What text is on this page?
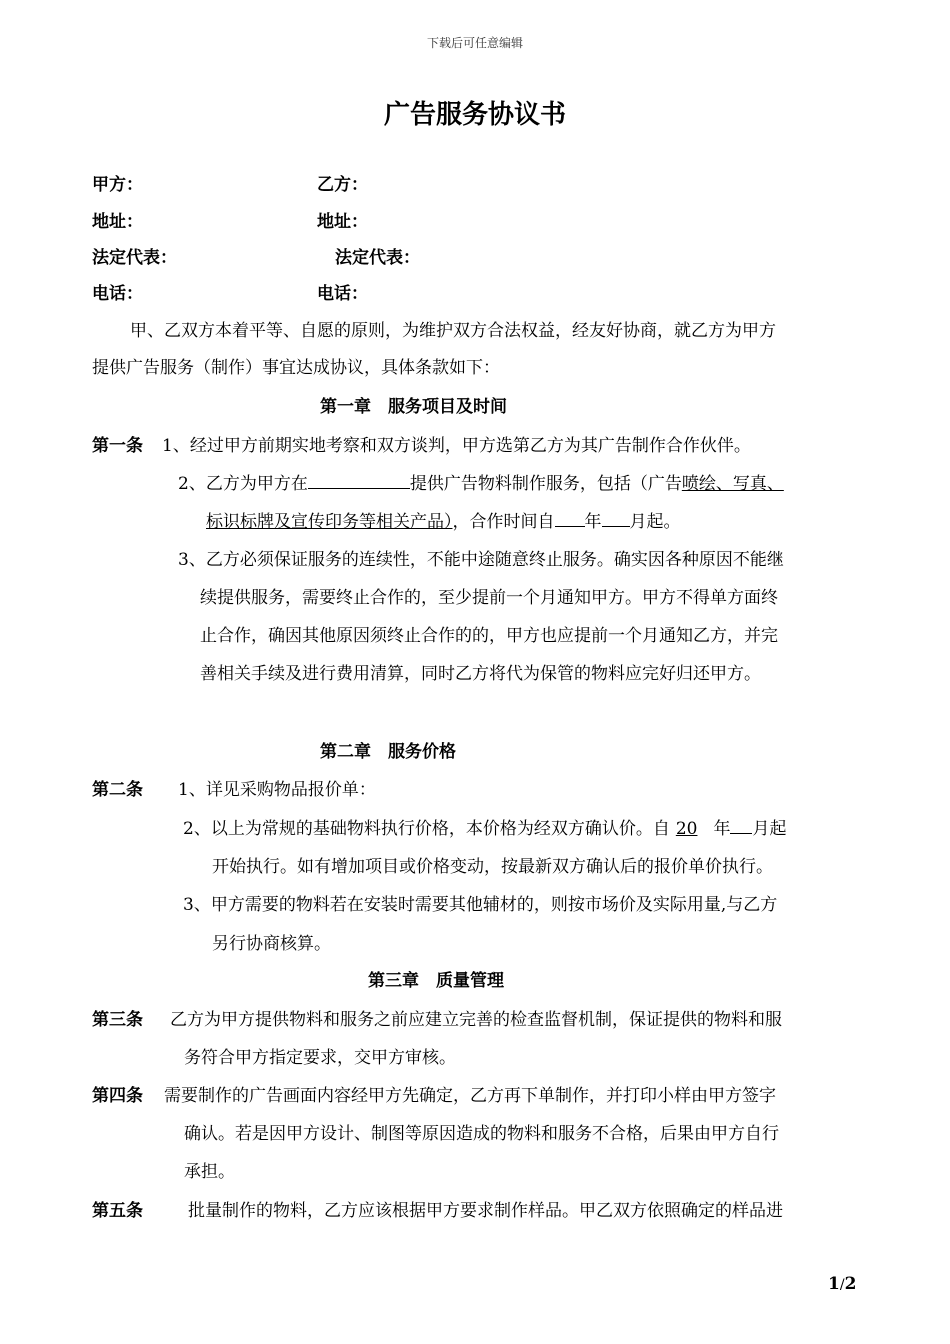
下载后可任意编辑
广告服务协议书
甲方：	乙方：
地址：	地址：
法定代表：	法定代表：
电话：	电话：
甲、乙双方本着平等、自愿的原则，为维护双方合法权益，经友好协商，就乙方为甲方
提供广告服务（制作）事宜达成协议，具体条款如下：
第一章　服务项目及时间
第一条 1、经过甲方前期实地考察和双方谈判，甲方选第乙方为其广告制作合作伙伴。
2、乙方为甲方在	提供广告物料制作服务，包括（广告喷绘、写真、
标识标牌及宣传印务等相关产品），合作时间自 年 月起。
3、乙方必须保证服务的连续性，不能中途随意终止服务。确实因各种原因不能继
续提供服务，需要终止合作的，至少提前一个月通知甲方。甲方不得单方面终
止合作，确因其他原因须终止合作的的，甲方也应提前一个月通知乙方，并完
善相关手续及进行费用清算，同时乙方将代为保管的物料应完好归还甲方。
第二章　服务价格
第二条 1、详见采购物品报价单：
2、以上为常规的基础物料执行价格，本价格为经双方确认价。自 20 年 月起
开始执行。如有增加项目或价格变动，按最新双方确认后的报价单价执行。
3、甲方需要的物料若在安装时需要其他辅材的，则按市场价及实际用量,与乙方
另行协商核算。
第三章　质量管理
第三条 乙方为甲方提供物料和服务之前应建立完善的检查监督机制，保证提供的物料和服
务符合甲方指定要求，交甲方审核。
第四条 需要制作的广告画面内容经甲方先确定，乙方再下单制作，并打印小样由甲方签字
确认。若是因甲方设计、制图等原因造成的物料和服务不合格，后果由甲方自行
承担。
第五条	批量制作的物料，乙方应该根据甲方要求制作样品。甲乙双方依照确定的样品进
1/2
